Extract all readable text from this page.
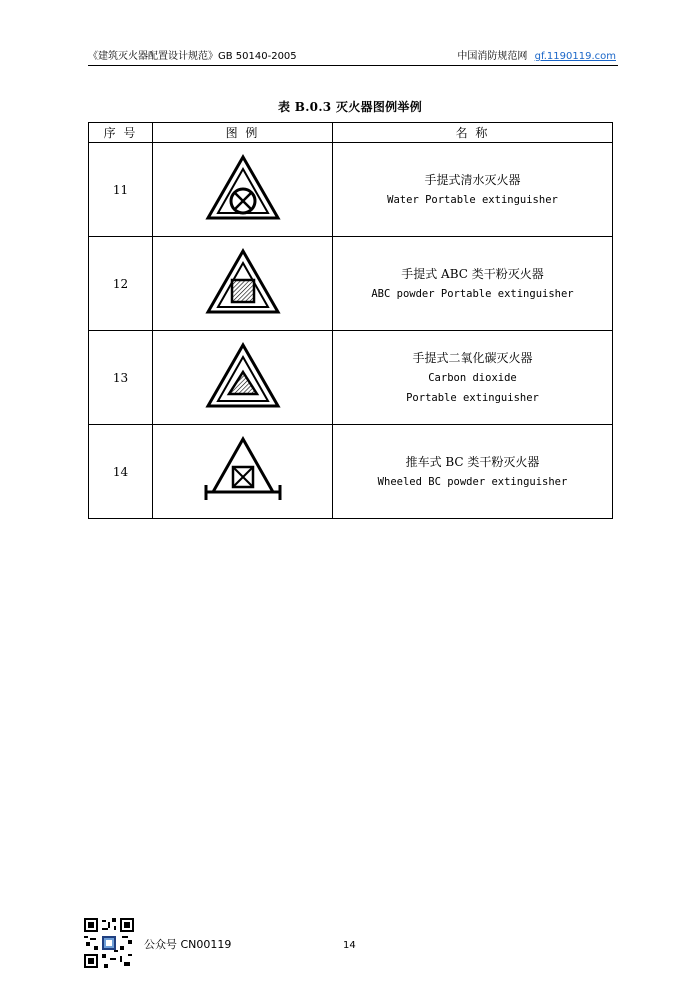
《建筑灭火器配置设计规范》GB 50140-2005	中国消防规范网 gf.1190119.com
表 B.0.3 灭火器图例举例
序 号	图 例	名 称
11		手提式清水灭火器
Water Portable extinguisher

12		手提式 ABC 类干粉灭火器
ABC powder Portable extinguisher

13		手提式二氧化碳灭火器
Carbon dioxide
Portable extinguisher

14		推车式 BC 类干粉灭火器
Wheeled BC powder extinguisher
公众号 CN00119	14
